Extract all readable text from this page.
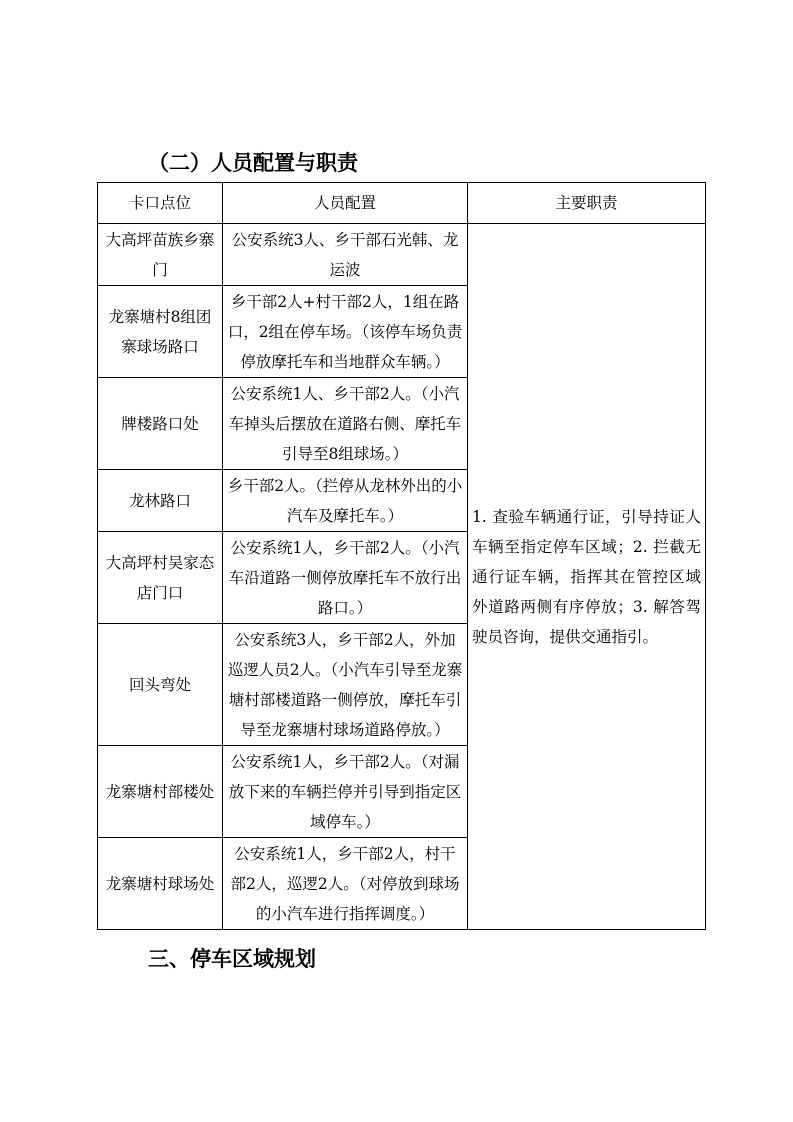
（二）人员配置与职责
卡口点位	人员配置	主要职责
大高坪苗族乡寨门	公安系统3人、乡干部石光韩、龙运波	1. 查验车辆通行证，引导持证人车辆至指定停车区域；2. 拦截无通行证车辆，指挥其在管控区域外道路两侧有序停放；3. 解答驾驶员咨询，提供交通指引。
龙寨塘村8组团寨球场路口	乡干部2人+村干部2人，1组在路口，2组在停车场。（该停车场负责停放摩托车和当地群众车辆。）	
牌楼路口处	公安系统1人、乡干部2人。（小汽车掉头后摆放在道路右侧、摩托车引导至8组球场。）	
龙林路口	乡干部2人。（拦停从龙林外出的小汽车及摩托车。）	
大高坪村吴家态店门口	公安系统1人，乡干部2人。（小汽车沿道路一侧停放摩托车不放行出路口。）	
回头弯处	公安系统3人，乡干部2人，外加巡逻人员2人。（小汽车引导至龙寨塘村部楼道路一侧停放，摩托车引导至龙寨塘村球场道路停放。）	
龙寨塘村部楼处	公安系统1人，乡干部2人。（对漏放下来的车辆拦停并引导到指定区域停车。）	
龙寨塘村球场处	公安系统1人，乡干部2人，村干部2人，巡逻2人。（对停放到球场的小汽车进行指挥调度。）	
三、停车区域规划
